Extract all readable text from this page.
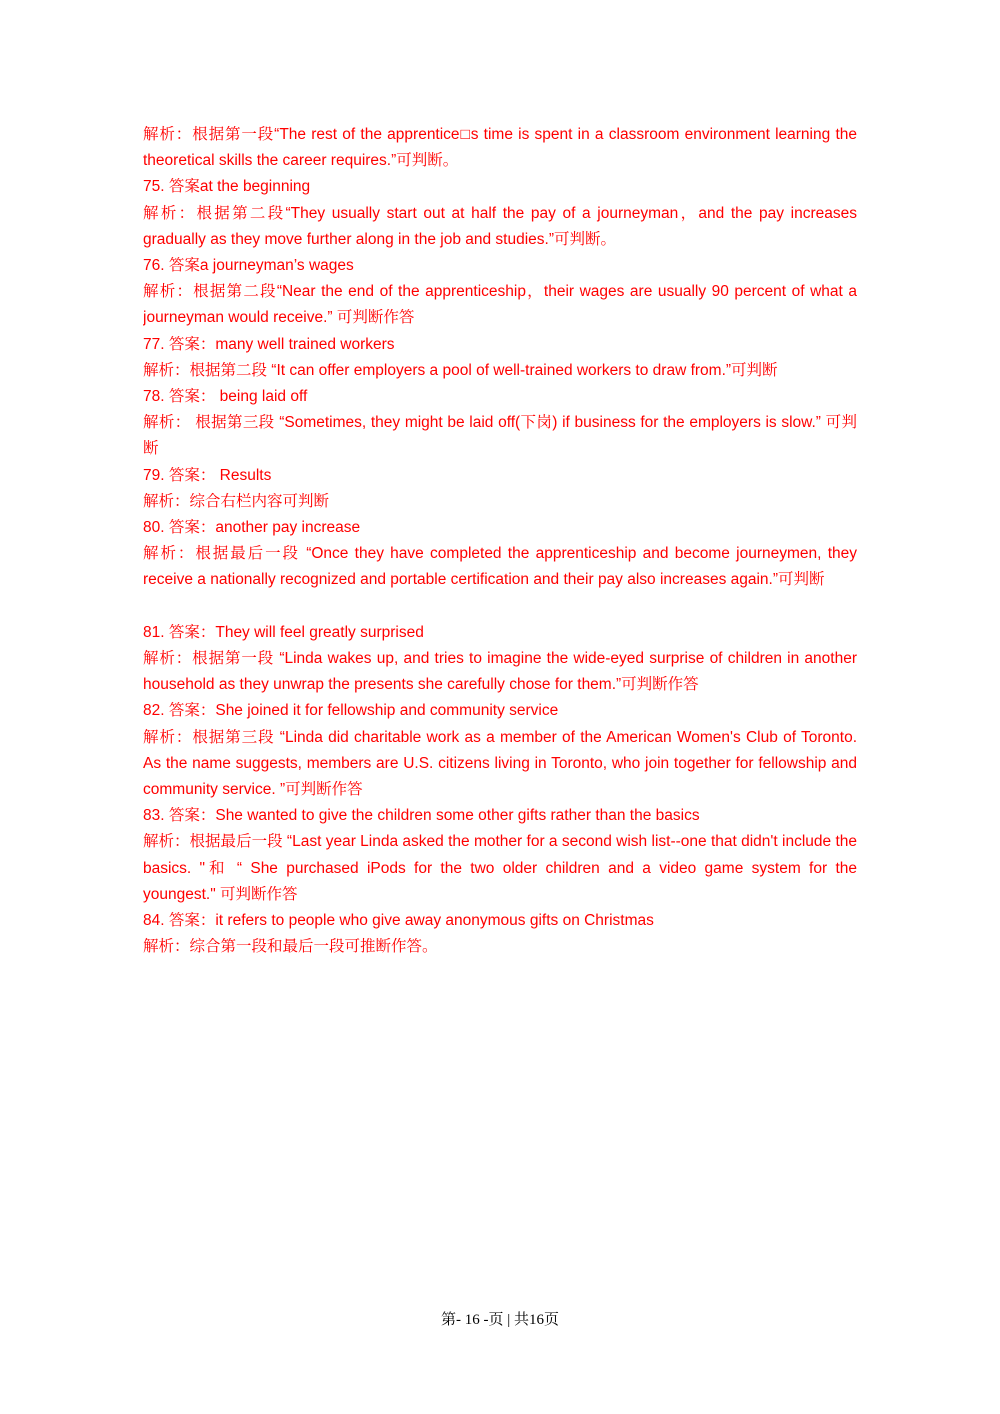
解析：根据第一段“The rest of the apprentice□s time is spent in a classroom environment learning the theoretical skills the career requires.”可判断。
75. 答案at the beginning
解析：根据第二段“They usually start out at half the pay of a journeyman，and the pay increases gradually as they move further along in the job and studies.”可判断。
76. 答案a journeyman’s wages
解析：根据第二段“Near the end of the apprenticeship，their wages are usually 90 percent of what a journeyman would receive.” 可判断作答
77. 答案：many well trained workers
解析：根据第二段 “It can offer employers a pool of well-trained workers to draw from.”可判断
78. 答案： being laid off
解析： 根据第三段 “Sometimes, they might be laid off(下岗) if business for the employers is slow.” 可判断
79. 答案： Results
解析：综合右栏内容可判断
80. 答案：another pay increase
解析：根据最后一段 “Once they have completed the apprenticeship and become journeymen, they receive a nationally recognized and portable certification and their pay also increases again.”可判断
81. 答案：They will feel greatly surprised
解析：根据第一段 “Linda wakes up, and tries to imagine the wide-eyed surprise of children in another household as they unwrap the presents she carefully chose for them.”可判断作答
82. 答案：She joined it for fellowship and community service
解析：根据第三段 “Linda did charitable work as a member of the American Women's Club of Toronto. As the name suggests, members are U.S. citizens living in Toronto, who join together for fellowship and community service. ”可判断作答
83. 答案：She wanted to give the children some other gifts rather than the basics
解析：根据最后一段 “Last year Linda asked the mother for a second wish list--one that didn't include the basics. "和 “ She purchased iPods for the two older children and a video game system for the youngest." 可判断作答
84. 答案：it refers to people who give away anonymous gifts on Christmas
解析：综合第一段和最后一段可推断作答。
第- 16 -页 | 共16页
